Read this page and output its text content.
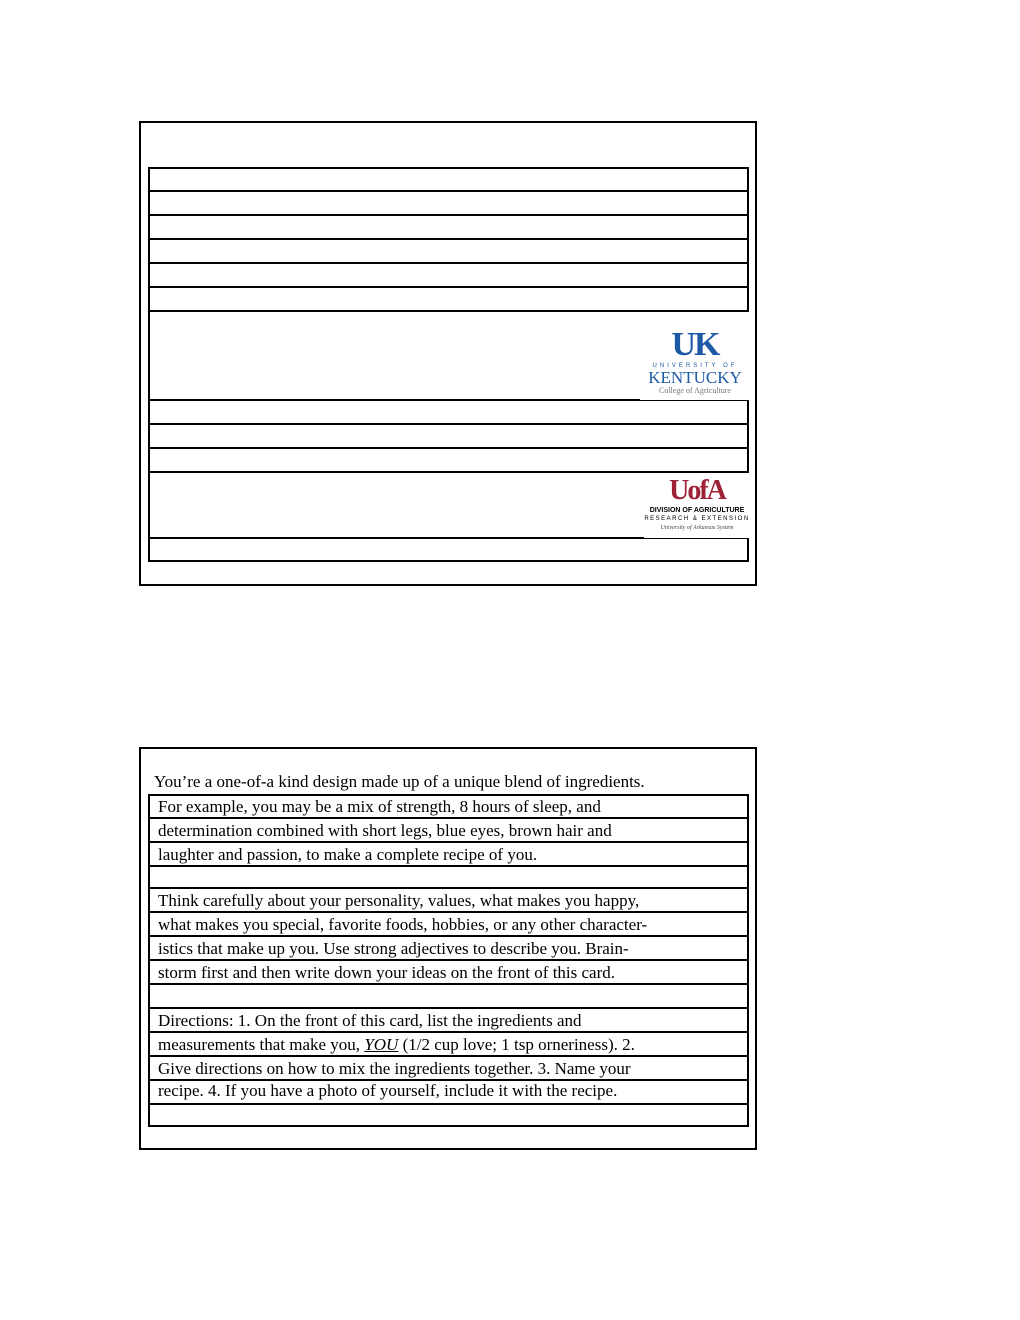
UK
UNIVERSITY OF
KENTUCKY
College of Agriculture
UofA
DIVISION OF AGRICULTURE
RESEARCH & EXTENSION
University of Arkansas System
You’re a one-of-a kind design made up of a unique blend of ingredients.
For example, you may be a mix of strength, 8 hours of sleep, and
determination combined with short legs, blue eyes, brown hair and
laughter and passion, to make a complete recipe of you.
Think carefully about your personality, values, what makes you happy,
what makes you special, favorite foods, hobbies, or any other character-
istics that make up you. Use strong adjectives to describe you. Brain-
storm first and then write down your ideas on the front of this card.
Directions: 1. On the front of this card, list the ingredients and
measurements that make you, YOU (1/2 cup love; 1 tsp orneriness). 2.
Give directions on how to mix the ingredients together. 3. Name your
recipe. 4. If you have a photo of yourself, include it with the recipe.
